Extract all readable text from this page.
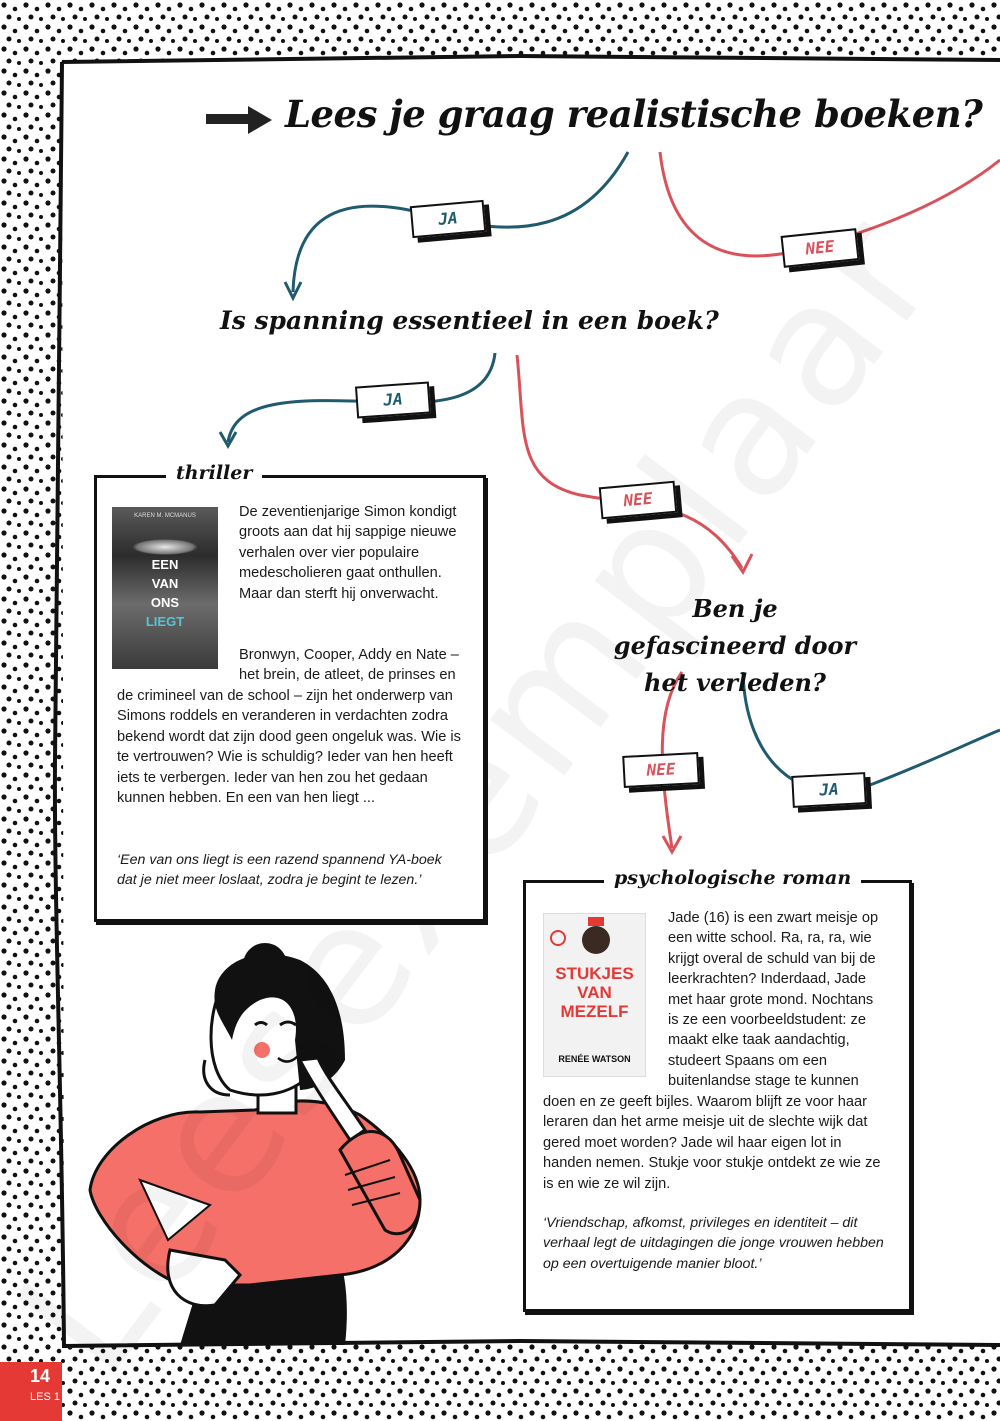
Lees je graag realistische boeken?
Is spanning essentieel in een boek?
Ben je gefascineerd door het verleden?
JA
NEE
JA
NEE
NEE
JA
thriller
KAREN M. MCMANUS
EEN
VAN
ONS
LIEGT
De zeventienjarige Simon kondigt groots aan dat hij sappige nieuwe verhalen over vier populaire medescholieren gaat onthullen. Maar dan sterft hij onverwacht.
Bronwyn, Cooper, Addy en Nate – het brein, de atleet, de prinses en
‘Een van ons liegt is een razend spannend YA-boek dat je niet meer loslaat, zodra je begint te lezen.’	psychologische roman
STUKJES
VAN
MEZELF
RENÉE WATSON
Jade (16) is een zwart meisje op een witte school. Ra, ra, ra, wie krijgt overal de schuld van bij de leerkrachten? Inderdaad, Jade met haar grote mond. Nochtans is ze een voorbeeldstudent: ze maakt elke taak aandachtig, studeert Spaans om een buitenlandse stage te kunnen
doen en ze geeft bijles. Waarom blijft ze voor haar leraren dan het arme meisje uit de slechte wijk dat gered moet worden? Jade wil haar eigen lot in handen nemen. Stukje voor stukje ontdekt ze wie ze is en wie ze wil zijn.
‘Vriendschap, afkomst, privileges en identiteit – dit verhaal legt de uitdagingen die jonge vrouwen hebben op een overtuigende manier bloot.’
14
LES 1
de crimineel van de school – zijn het onderwerp van Simons roddels en veranderen in verdachten zodra bekend wordt dat zijn dood geen ongeluk was. Wie is te vertrouwen? Wie is schuldig? Ieder van hen heeft iets te verbergen. Ieder van hen zou het gedaan kunnen hebben. En een van hen liegt ...
